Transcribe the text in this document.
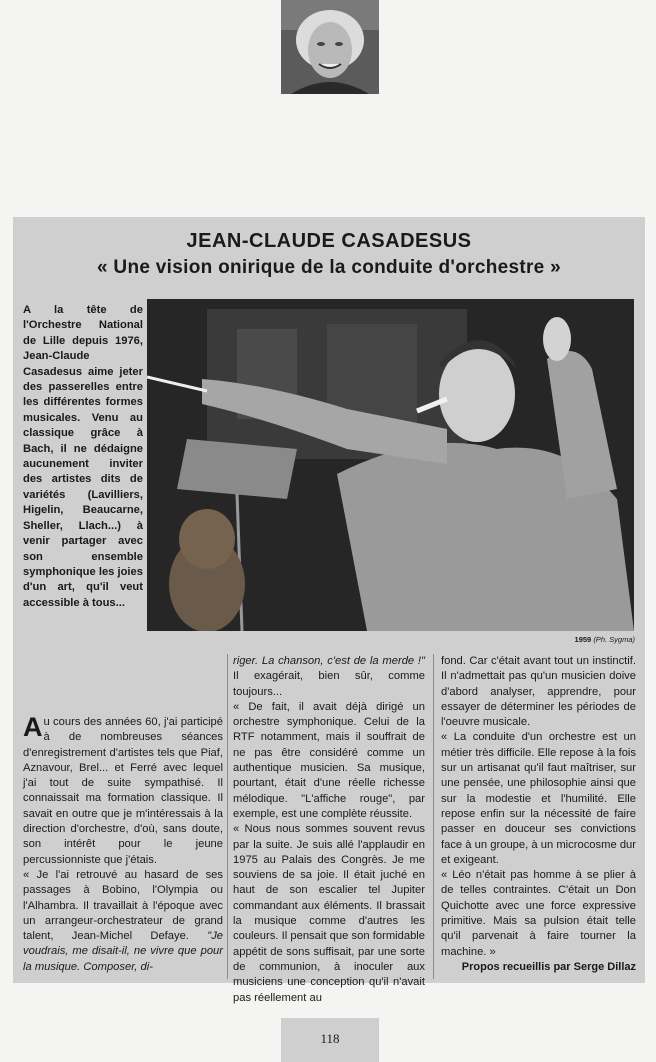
JEAN-CLAUDE CASADESUS
« Une vision onirique de la conduite d'orchestre »

A la tête de l'Orchestre National de Lille depuis 1976, Jean-Claude Casadesus aime jeter des passerelles entre les différentes formes musicales. Venu au classique grâce à Bach, il ne dédaigne aucunement inviter des artistes dits de variétés (Lavilliers, Higelin, Beaucarne, Sheller, Llach...) à venir partager avec son ensemble symphonique les joies d'un art, qu'il veut accessible à tous...

1959 (Ph. Sygma)

Au cours des années 60, j'ai participé à de nombreuses séances d'enregistrement d'artistes tels que Piaf, Aznavour, Brel... et Ferré avec lequel j'ai tout de suite sympathisé. Il connaissait ma formation classique. Il savait en outre que je m'intéressais à la direction d'orchestre, d'où, sans doute, son intérêt pour le jeune percussionniste que j'étais.

« Je l'ai retrouvé au hasard de ses passages à Bobino, l'Olympia ou l'Alhambra. Il travaillait à l'époque avec un arrangeur-orchestrateur de grand talent, Jean-Michel Defaye. "Je voudrais, me disait-il, ne vivre que pour la musique. Composer, di-

riger. La chanson, c'est de la merde !" Il exagérait, bien sûr, comme toujours...

« De fait, il avait déjà dirigé un orchestre symphonique. Celui de la RTF notamment, mais il souffrait de ne pas être considéré comme un authentique musicien. Sa musique, pourtant, était d'une réelle richesse mélodique. "L'affiche rouge", par exemple, est une complète réussite.

« Nous nous sommes souvent revus par la suite. Je suis allé l'applaudir en 1975 au Palais des Congrès. Je me souviens de sa joie. Il était juché en haut de son escalier tel Jupiter commandant aux éléments. Il brassait la musique comme d'autres les couleurs. Il pensait que son formidable appétit de sons suffisait, par une sorte de communion, à inoculer aux musiciens une conception qu'il n'avait pas réellement au

fond. Car c'était avant tout un instinctif. Il n'admettait pas qu'un musicien doive d'abord analyser, apprendre, pour essayer de déterminer les périodes de l'oeuvre musicale.

« La conduite d'un orchestre est un métier très difficile. Elle repose à la fois sur un artisanat qu'il faut maîtriser, sur une pensée, une philosophie ainsi que sur la modestie et l'humilité. Elle repose enfin sur la nécessité de faire passer en douceur ses convictions face à un groupe, à un microcosme dur et exigeant.

« Léo n'était pas homme à se plier à de telles contraintes. C'était un Don Quichotte avec une force expressive primitive. Mais sa pulsion était telle qu'il parvenait à faire tourner la machine. »

Propos recueillis par Serge Dillaz

118
